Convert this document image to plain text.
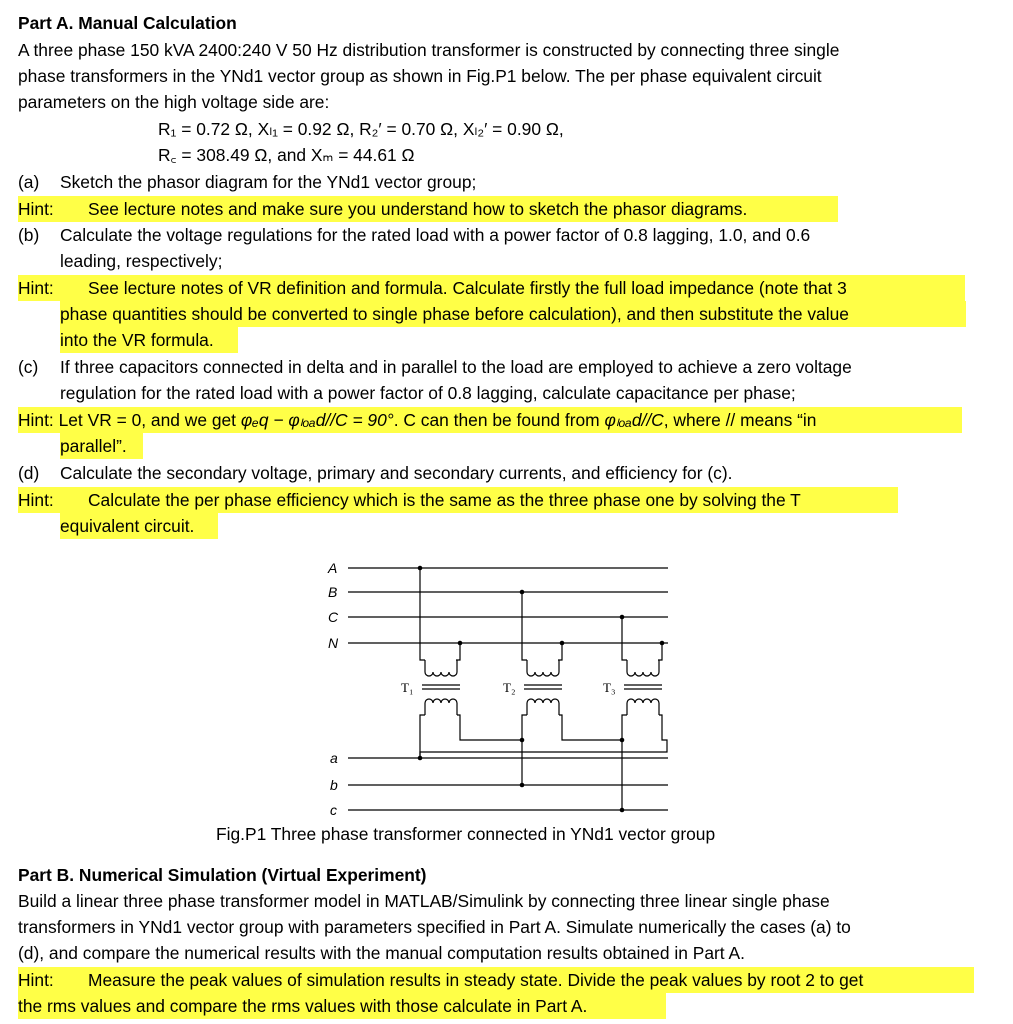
Part A. Manual Calculation
A three phase 150 kVA 2400:240 V 50 Hz distribution transformer is constructed by connecting three single
phase transformers in the YNd1 vector group as shown in Fig.P1 below. The per phase equivalent circuit
parameters on the high voltage side are:
R₁ = 0.72 Ω, Xₗ₁ = 0.92 Ω, R₂′ = 0.70 Ω, Xₗ₂′ = 0.90 Ω,
R꜀ = 308.49 Ω, and Xₘ = 44.61 Ω
(a) Sketch the phasor diagram for the YNd1 vector group;
Hint: See lecture notes and make sure you understand how to sketch the phasor diagrams.
(b) Calculate the voltage regulations for the rated load with a power factor of 0.8 lagging, 1.0, and 0.6
leading, respectively;
Hint: See lecture notes of VR definition and formula. Calculate firstly the full load impedance (note that 3
phase quantities should be converted to single phase before calculation), and then substitute the value
into the VR formula.
(c) If three capacitors connected in delta and in parallel to the load are employed to achieve a zero voltage
regulation for the rated load with a power factor of 0.8 lagging, calculate capacitance per phase;
Hint: Let VR = 0, and we get φₑq − φₗₒₐd//C = 90°. C can then be found from φₗₒₐd//C, where // means “in
parallel”.
(d) Calculate the secondary voltage, primary and secondary currents, and efficiency for (c).
Hint: Calculate the per phase efficiency which is the same as the three phase one by solving the T
equivalent circuit.
A
B
C
N
a
b
c
T₁	T₂	T₃
Fig.P1 Three phase transformer connected in YNd1 vector group
Part B. Numerical Simulation (Virtual Experiment)
Build a linear three phase transformer model in MATLAB/Simulink by connecting three linear single phase
transformers in YNd1 vector group with parameters specified in Part A. Simulate numerically the cases (a) to
(d), and compare the numerical results with the manual computation results obtained in Part A.
Hint: Measure the peak values of simulation results in steady state. Divide the peak values by root 2 to get
the rms values and compare the rms values with those calculate in Part A.
